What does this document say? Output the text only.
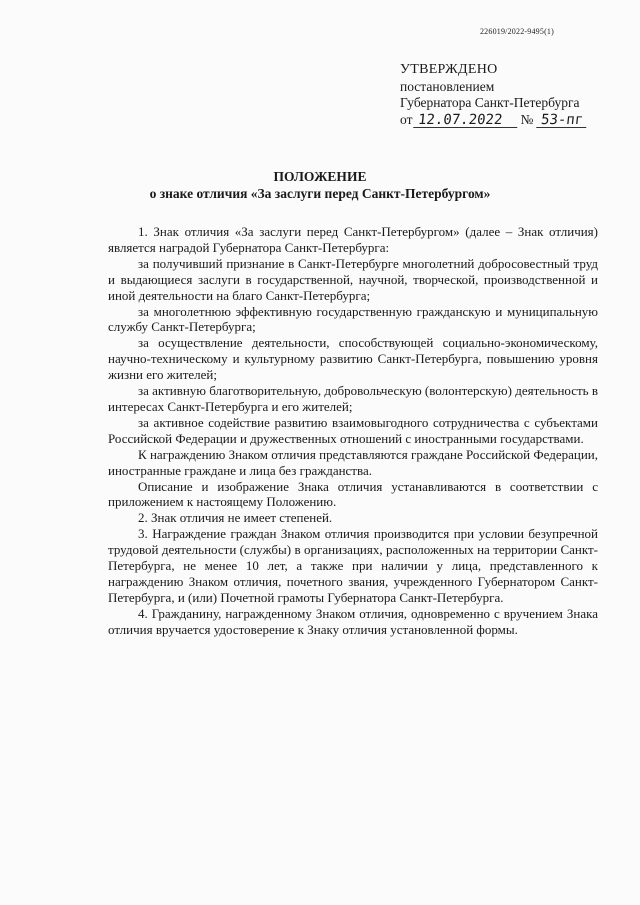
226019/2022-9495(1)
УТВЕРЖДЕНО
постановлением
Губернатора Санкт-Петербурга
от 12.07.2022	№ 53-пг
ПОЛОЖЕНИЕ
о знаке отличия «За заслуги перед Санкт-Петербургом»

1. Знак отличия «За заслуги перед Санкт-Петербургом» (далее – Знак отличия) является наградой Губернатора Санкт-Петербурга:

за получивший признание в Санкт-Петербурге многолетний добросовестный труд и выдающиеся заслуги в государственной, научной, творческой, производственной и иной деятельности на благо Санкт-Петербурга;

за многолетнюю эффективную государственную гражданскую и муниципальную службу Санкт-Петербурга;

за осуществление деятельности, способствующей социально-экономическому, научно-техническому и культурному развитию Санкт-Петербурга, повышению уровня жизни его жителей;

за активную благотворительную, добровольческую (волонтерскую) деятельность в интересах Санкт-Петербурга и его жителей;

за активное содействие развитию взаимовыгодного сотрудничества с субъектами Российской Федерации и дружественных отношений с иностранными государствами.

К награждению Знаком отличия представляются граждане Российской Федерации, иностранные граждане и лица без гражданства.

Описание и изображение Знака отличия устанавливаются в соответствии с приложением к настоящему Положению.

2. Знак отличия не имеет степеней.

3. Награждение граждан Знаком отличия производится при условии безупречной трудовой деятельности (службы) в организациях, расположенных на территории Санкт-Петербурга, не менее 10 лет, а также при наличии у лица, представленного к награждению Знаком отличия, почетного звания, учрежденного Губернатором Санкт-Петербурга, и (или) Почетной грамоты Губернатора Санкт-Петербурга.

4. Гражданину, награжденному Знаком отличия, одновременно с вручением Знака отличия вручается удостоверение к Знаку отличия установленной формы.
